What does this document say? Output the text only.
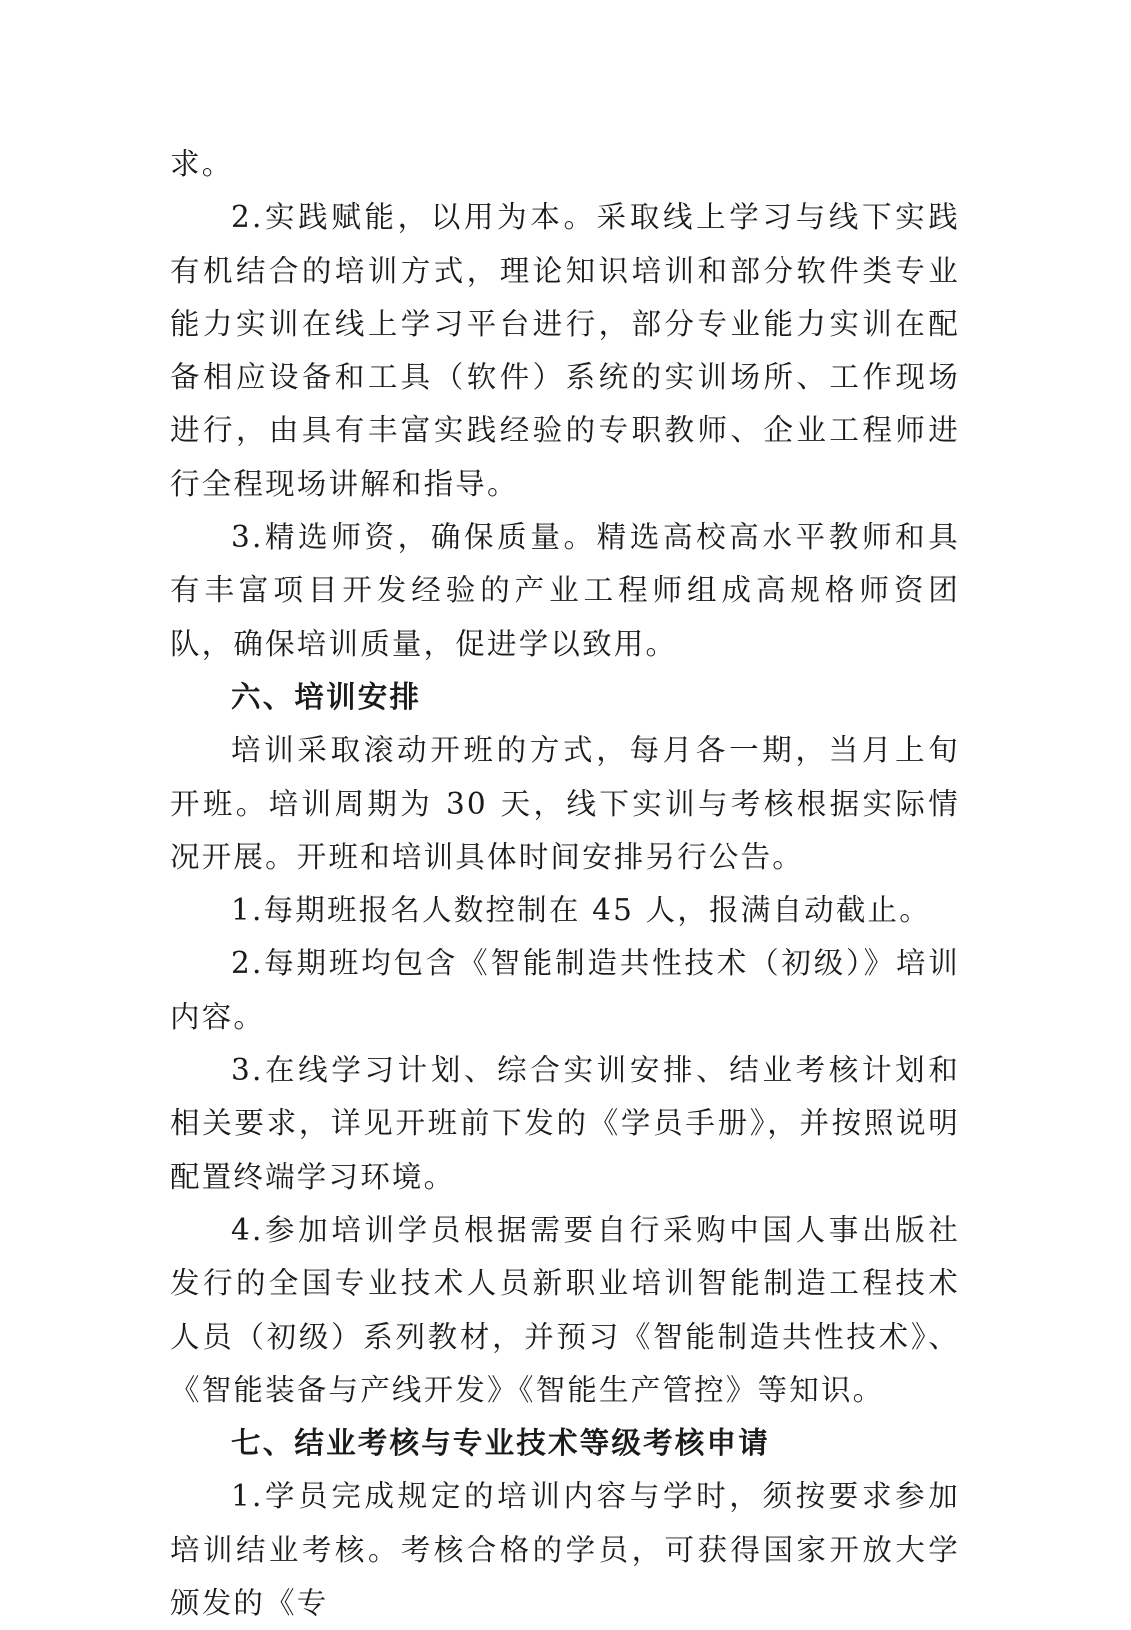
求。

2.实践赋能，以用为本。采取线上学习与线下实践有机结合的培训方式，理论知识培训和部分软件类专业能力实训在线上学习平台进行，部分专业能力实训在配备相应设备和工具（软件）系统的实训场所、工作现场进行，由具有丰富实践经验的专职教师、企业工程师进行全程现场讲解和指导。

3.精选师资，确保质量。精选高校高水平教师和具有丰富项目开发经验的产业工程师组成高规格师资团队，确保培训质量，促进学以致用。

六、培训安排

培训采取滚动开班的方式，每月各一期，当月上旬开班。培训周期为 30 天，线下实训与考核根据实际情况开展。开班和培训具体时间安排另行公告。

1.每期班报名人数控制在 45 人，报满自动截止。

2.每期班均包含《智能制造共性技术（初级）》培训内容。

3.在线学习计划、综合实训安排、结业考核计划和相关要求，详见开班前下发的《学员手册》，并按照说明配置终端学习环境。

4.参加培训学员根据需要自行采购中国人事出版社发行的全国专业技术人员新职业培训智能制造工程技术人员（初级）系列教材，并预习《智能制造共性技术》、《智能装备与产线开发》《智能生产管控》等知识。

七、结业考核与专业技术等级考核申请

1.学员完成规定的培训内容与学时，须按要求参加培训结业考核。考核合格的学员，可获得国家开放大学颁发的《专
